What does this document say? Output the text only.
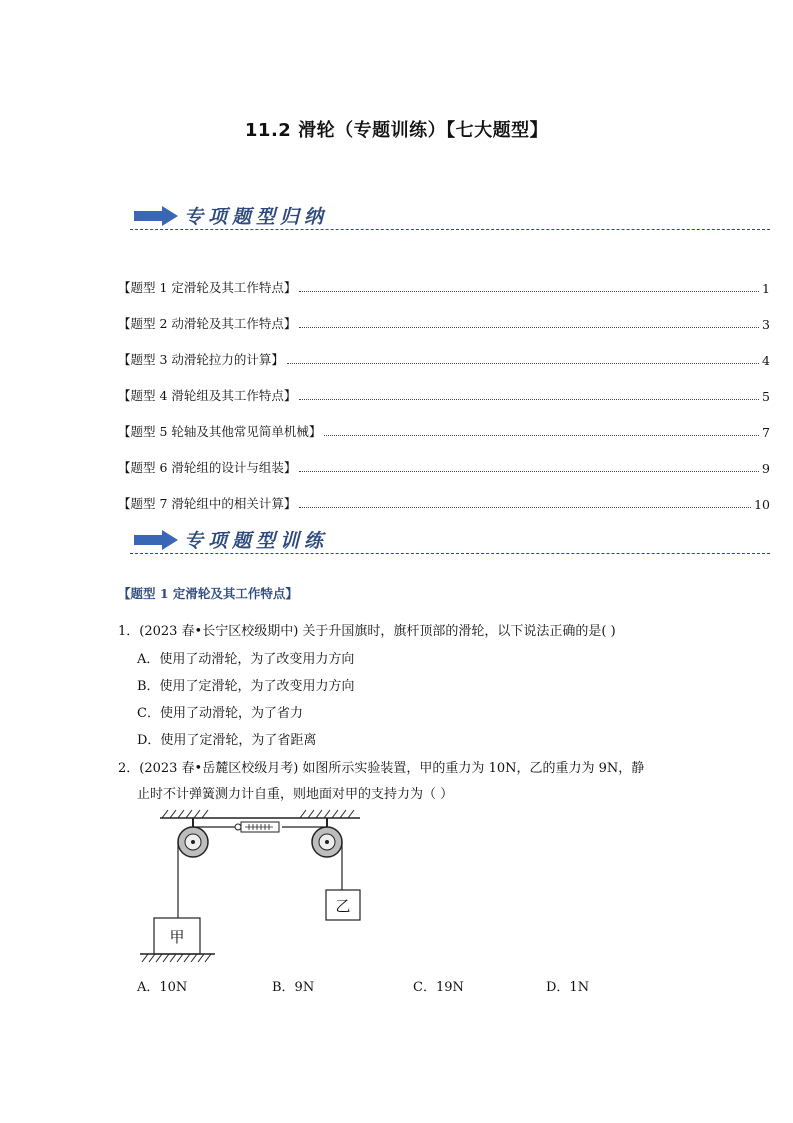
11.2 滑轮（专题训练）【七大题型】
专项题型归纳
【题型 1 定滑轮及其工作特点】	1
【题型 2 动滑轮及其工作特点】	3
【题型 3 动滑轮拉力的计算】	4
【题型 4 滑轮组及其工作特点】	5
【题型 5 轮轴及其他常见简单机械】	7
【题型 6 滑轮组的设计与组装】	9
【题型 7 滑轮组中的相关计算】	10
专项题型训练
【题型 1 定滑轮及其工作特点】
1．(2023 春•长宁区校级期中) 关于升国旗时，旗杆顶部的滑轮，以下说法正确的是( )
A．使用了动滑轮，为了改变用力方向
B．使用了定滑轮，为了改变用力方向
C．使用了动滑轮，为了省力
D．使用了定滑轮，为了省距离
2．(2023 春•岳麓区校级月考) 如图所示实验装置，甲的重力为 10N，乙的重力为 9N，静
止时不计弹簧测力计自重，则地面对甲的支持力为（ ）
甲
乙
A．10N	B．9N	C．19N	D．1N
